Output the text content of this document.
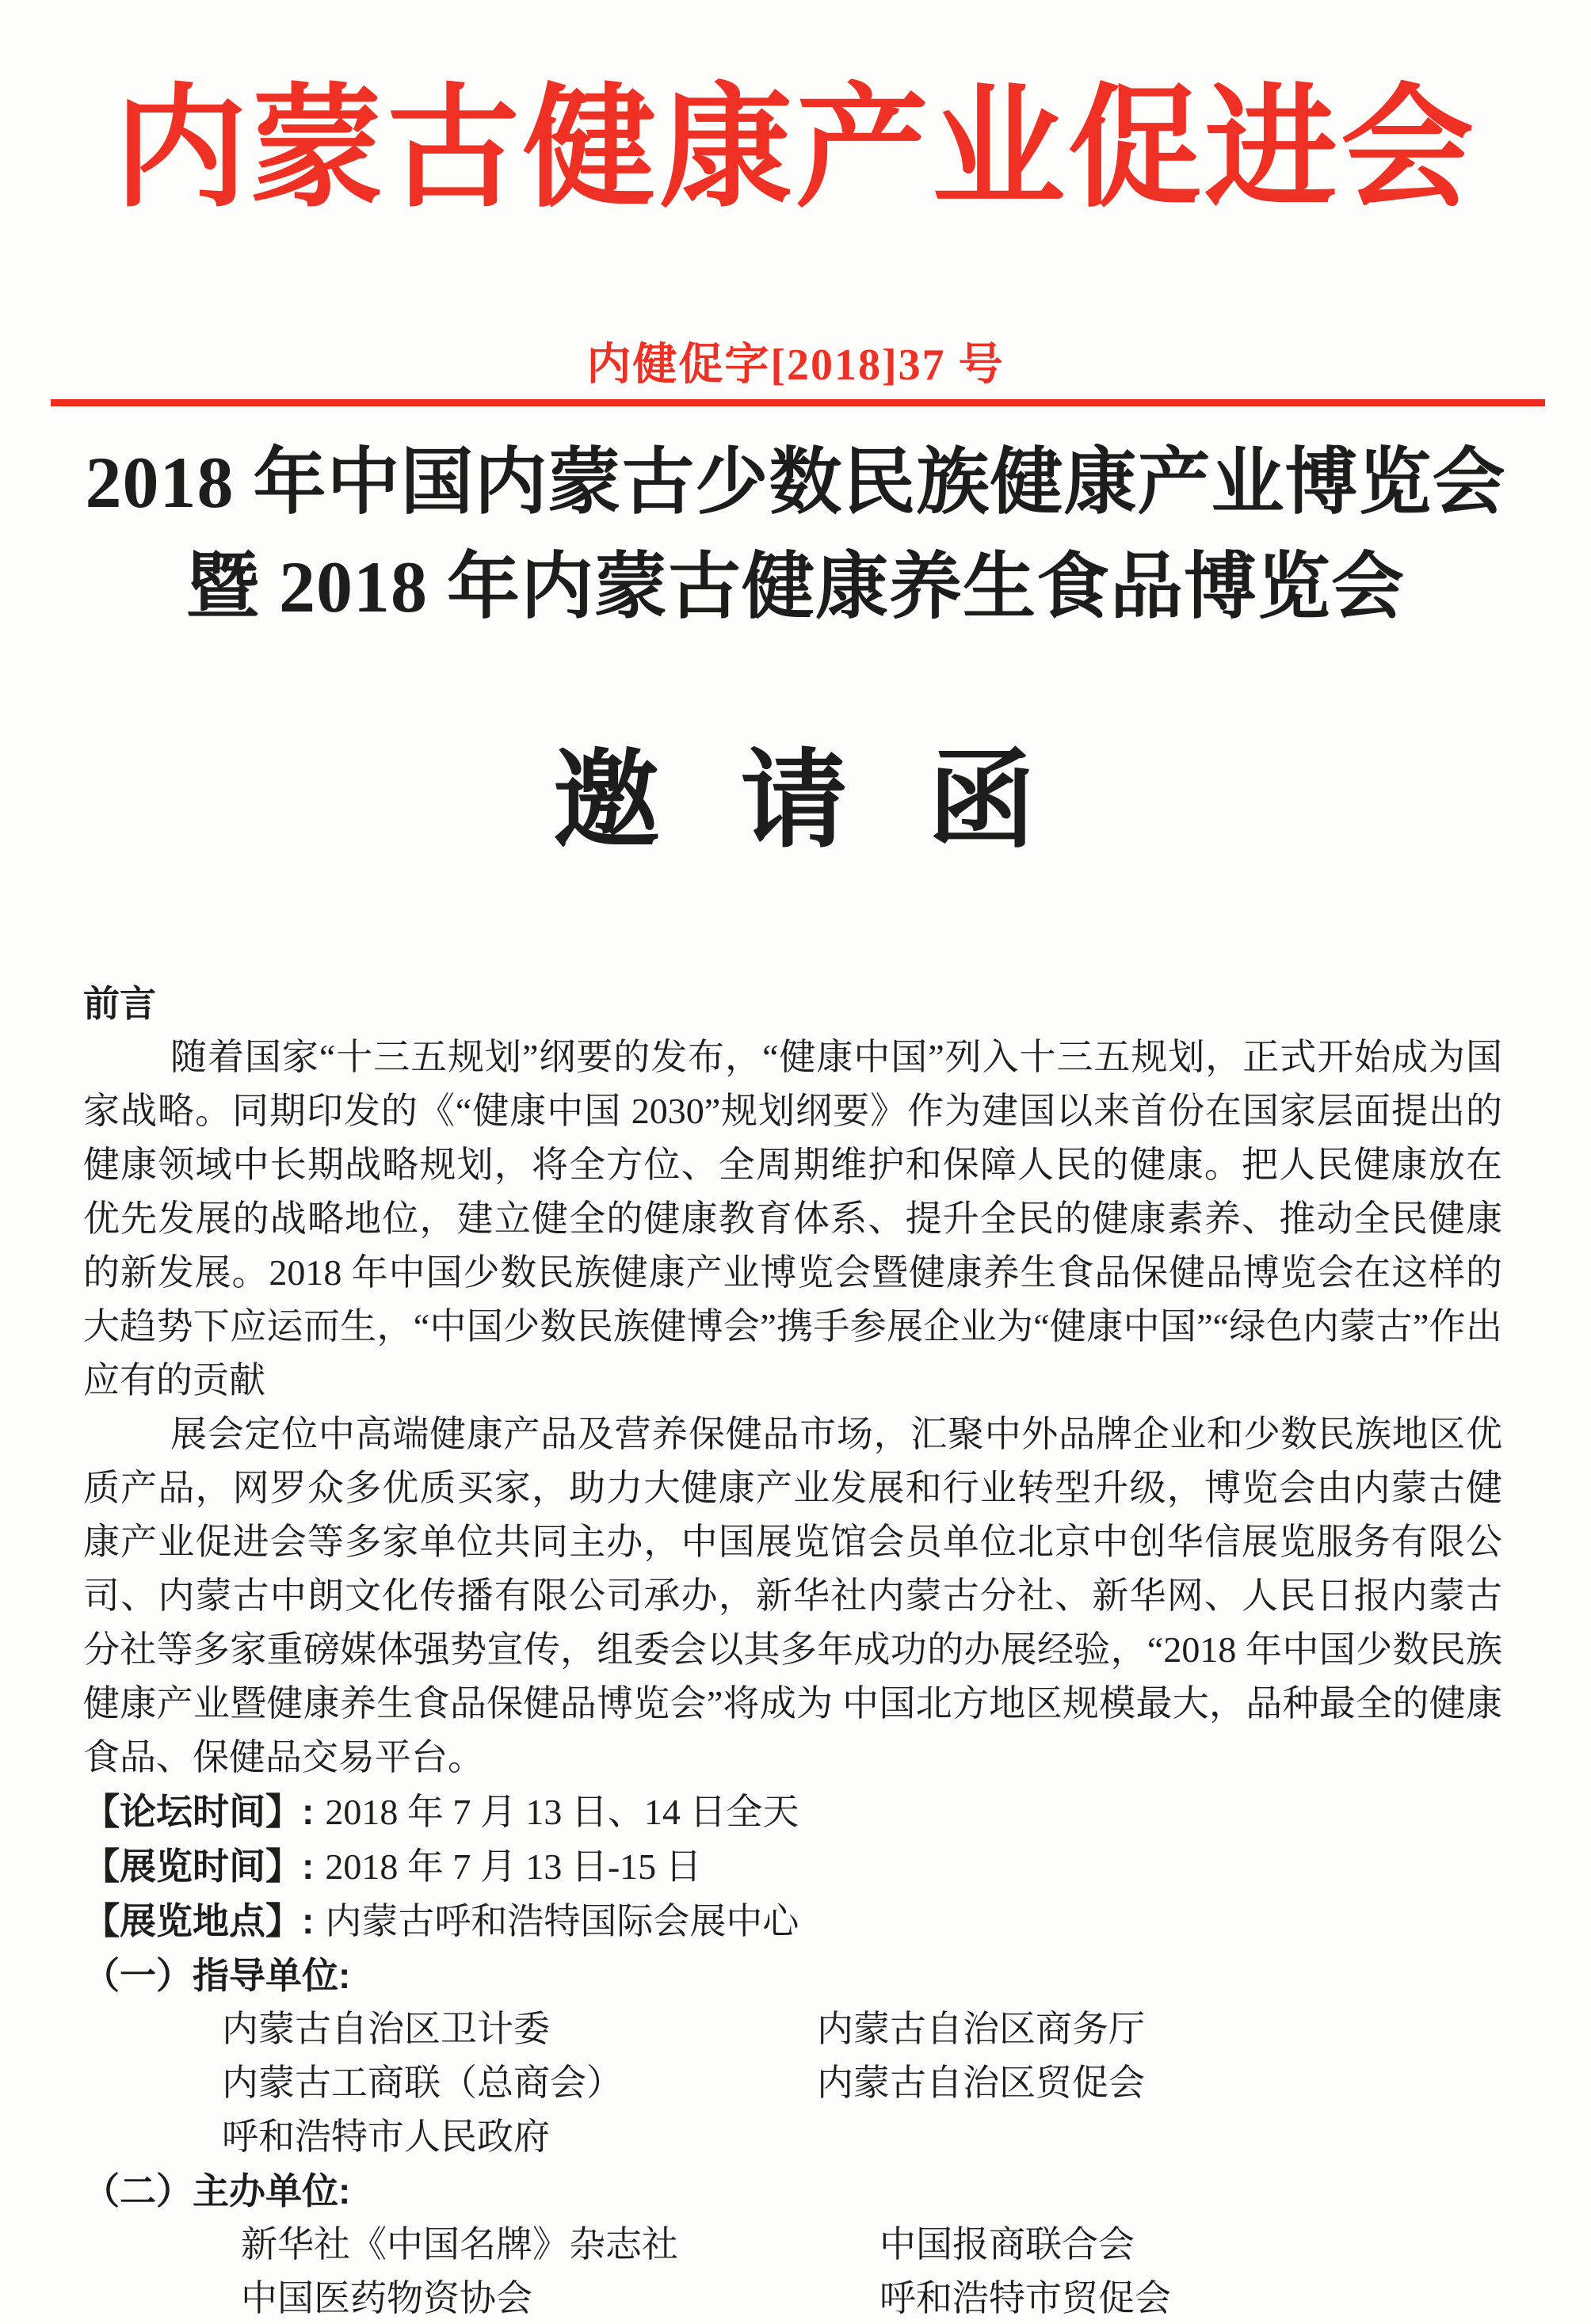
内蒙古健康产业促进会
内健促字[2018]37 号
2018 年中国内蒙古少数民族健康产业博览会
暨 2018 年内蒙古健康养生食品博览会
邀 请 函
前言

随着国家“十三五规划”纲要的发布，“健康中国”列入十三五规划，正式开始成为国家战略。同期印发的《“健康中国 2030”规划纲要》作为建国以来首份在国家层面提出的健康领域中长期战略规划，将全方位、全周期维护和保障人民的健康。把人民健康放在优先发展的战略地位，建立健全的健康教育体系、提升全民的健康素养、推动全民健康的新发展。2018 年中国少数民族健康产业博览会暨健康养生食品保健品博览会在这样的大趋势下应运而生，“中国少数民族健博会”携手参展企业为“健康中国”“绿色内蒙古”作出应有的贡献

展会定位中高端健康产品及营养保健品市场，汇聚中外品牌企业和少数民族地区优质产品，网罗众多优质买家，助力大健康产业发展和行业转型升级，博览会由内蒙古健康产业促进会等多家单位共同主办，中国展览馆会员单位北京中创华信展览服务有限公司、内蒙古中朗文化传播有限公司承办，新华社内蒙古分社、新华网、人民日报内蒙古分社等多家重磅媒体强势宣传，组委会以其多年成功的办展经验，“2018 年中国少数民族健康产业暨健康养生食品保健品博览会”将成为 中国北方地区规模最大，品种最全的健康食品、保健品交易平台。

【论坛时间】: 2018 年 7 月 13 日、14 日全天
【展览时间】: 2018 年 7 月 13 日-15 日
【展览地点】: 内蒙古呼和浩特国际会展中心
（一）指导单位:
内蒙古自治区卫计委	内蒙古自治区商务厅
内蒙古工商联（总商会）	内蒙古自治区贸促会
呼和浩特市人民政府
（二）主办单位:
新华社《中国名牌》杂志社	中国报商联合会
中国医药物资协会	呼和浩特市贸促会
